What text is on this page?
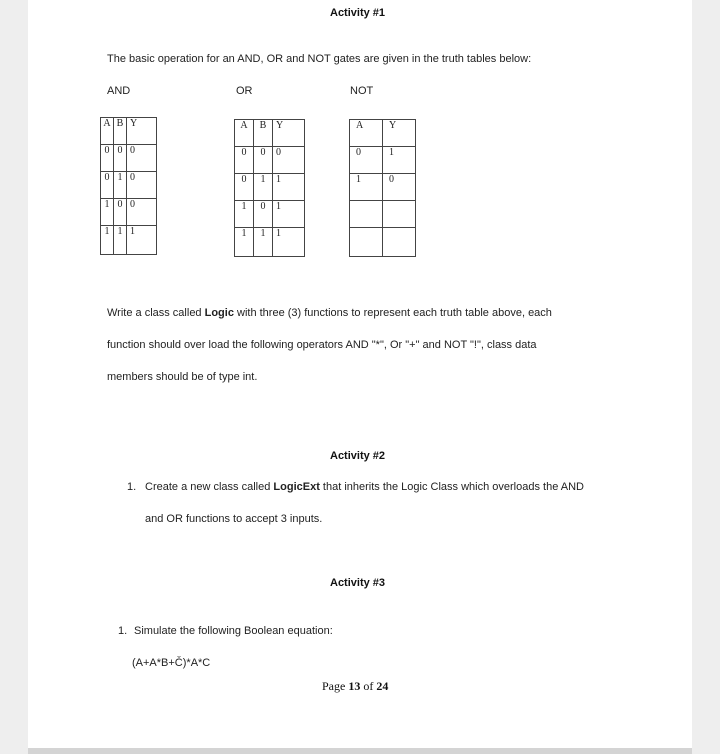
Activity #1
The basic operation for an AND, OR and NOT gates are given in the truth tables below:
AND	OR	NOT
A	B	Y
0	0	0
0	1	0
1	0	0
1	1	1
A	B	Y
0	0	0
0	1	1
1	0	1
1	1	1
A	Y
0	1
1	0

Write a class called Logic with three (3) functions to represent each truth table above, each
function should over load the following operators AND "*", Or "+" and NOT "!", class data
members should be of type int.
Activity #2
1. Create a new class called LogicExt that inherits the Logic Class which overloads the AND
and OR functions to accept 3 inputs.
Activity #3
1. Simulate the following Boolean equation:
(A+A*B+Č)*A*C
Page 13 of 24
